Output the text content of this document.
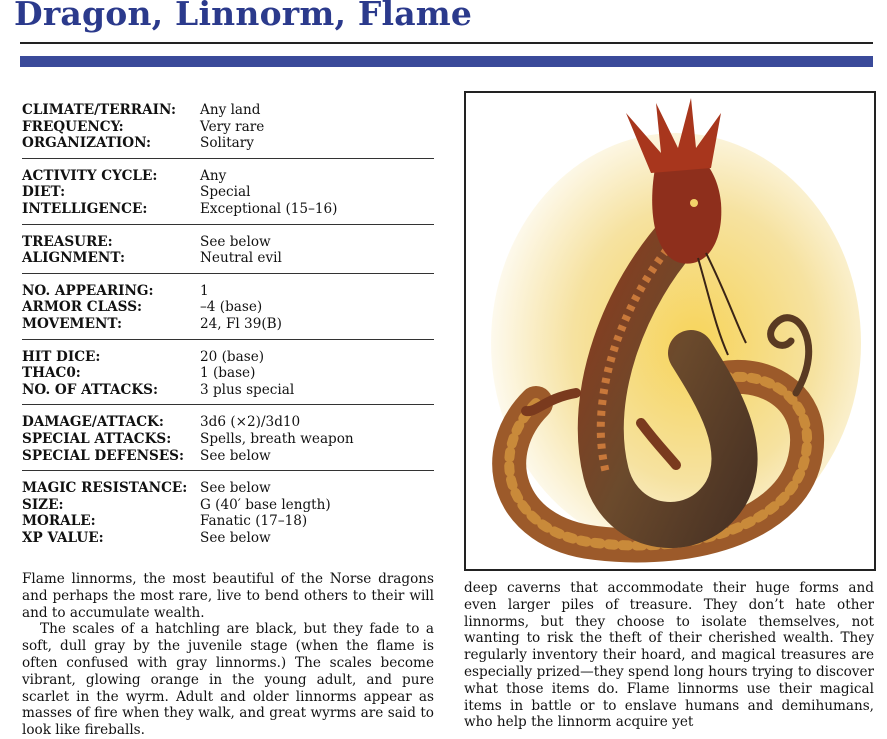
Dragon, Linnorm, Flame
CLIMATE/TERRAIN:	Any land
FREQUENCY:	Very rare
ORGANIZATION:	Solitary
ACTIVITY CYCLE:	Any
DIET:	Special
INTELLIGENCE:	Exceptional (15–16)
TREASURE:	See below
ALIGNMENT:	Neutral evil
NO. APPEARING:	1
ARMOR CLASS:	–4 (base)
MOVEMENT:	24, Fl 39(B)
HIT DICE:	20 (base)
THAC0:	1 (base)
NO. OF ATTACKS:	3 plus special
DAMAGE/ATTACK:	3d6 (×2)/3d10
SPECIAL ATTACKS:	Spells, breath weapon
SPECIAL DEFENSES:	See below
MAGIC RESISTANCE: See below
SIZE:	G (40′ base length)
MORALE:	Fanatic (17–18)
XP VALUE:	See below

Flame linnorms, the most beautiful of the Norse dragons and perhaps the most rare, live to bend others to their will and to accumulate wealth.

The scales of a hatchling are black, but they fade to a soft, dull gray by the juvenile stage (when the flame is often confused with gray linnorms.) The scales become vibrant, glowing orange in the young adult, and pure scarlet in the wyrm. Adult and older linnorms appear as masses of fire when they walk, and great wyrms are said to look like fireballs.

deep caverns that accommodate their huge forms and even larger piles of treasure. They don’t hate other linnorms, but they choose to isolate themselves, not wanting to risk the theft of their cherished wealth. They regularly inventory their hoard, and magical treasures are especially prized—they spend long hours trying to discover what those items do. Flame linnorms use their magical items in battle or to enslave humans and demihumans, who help the linnorm acquire yet
